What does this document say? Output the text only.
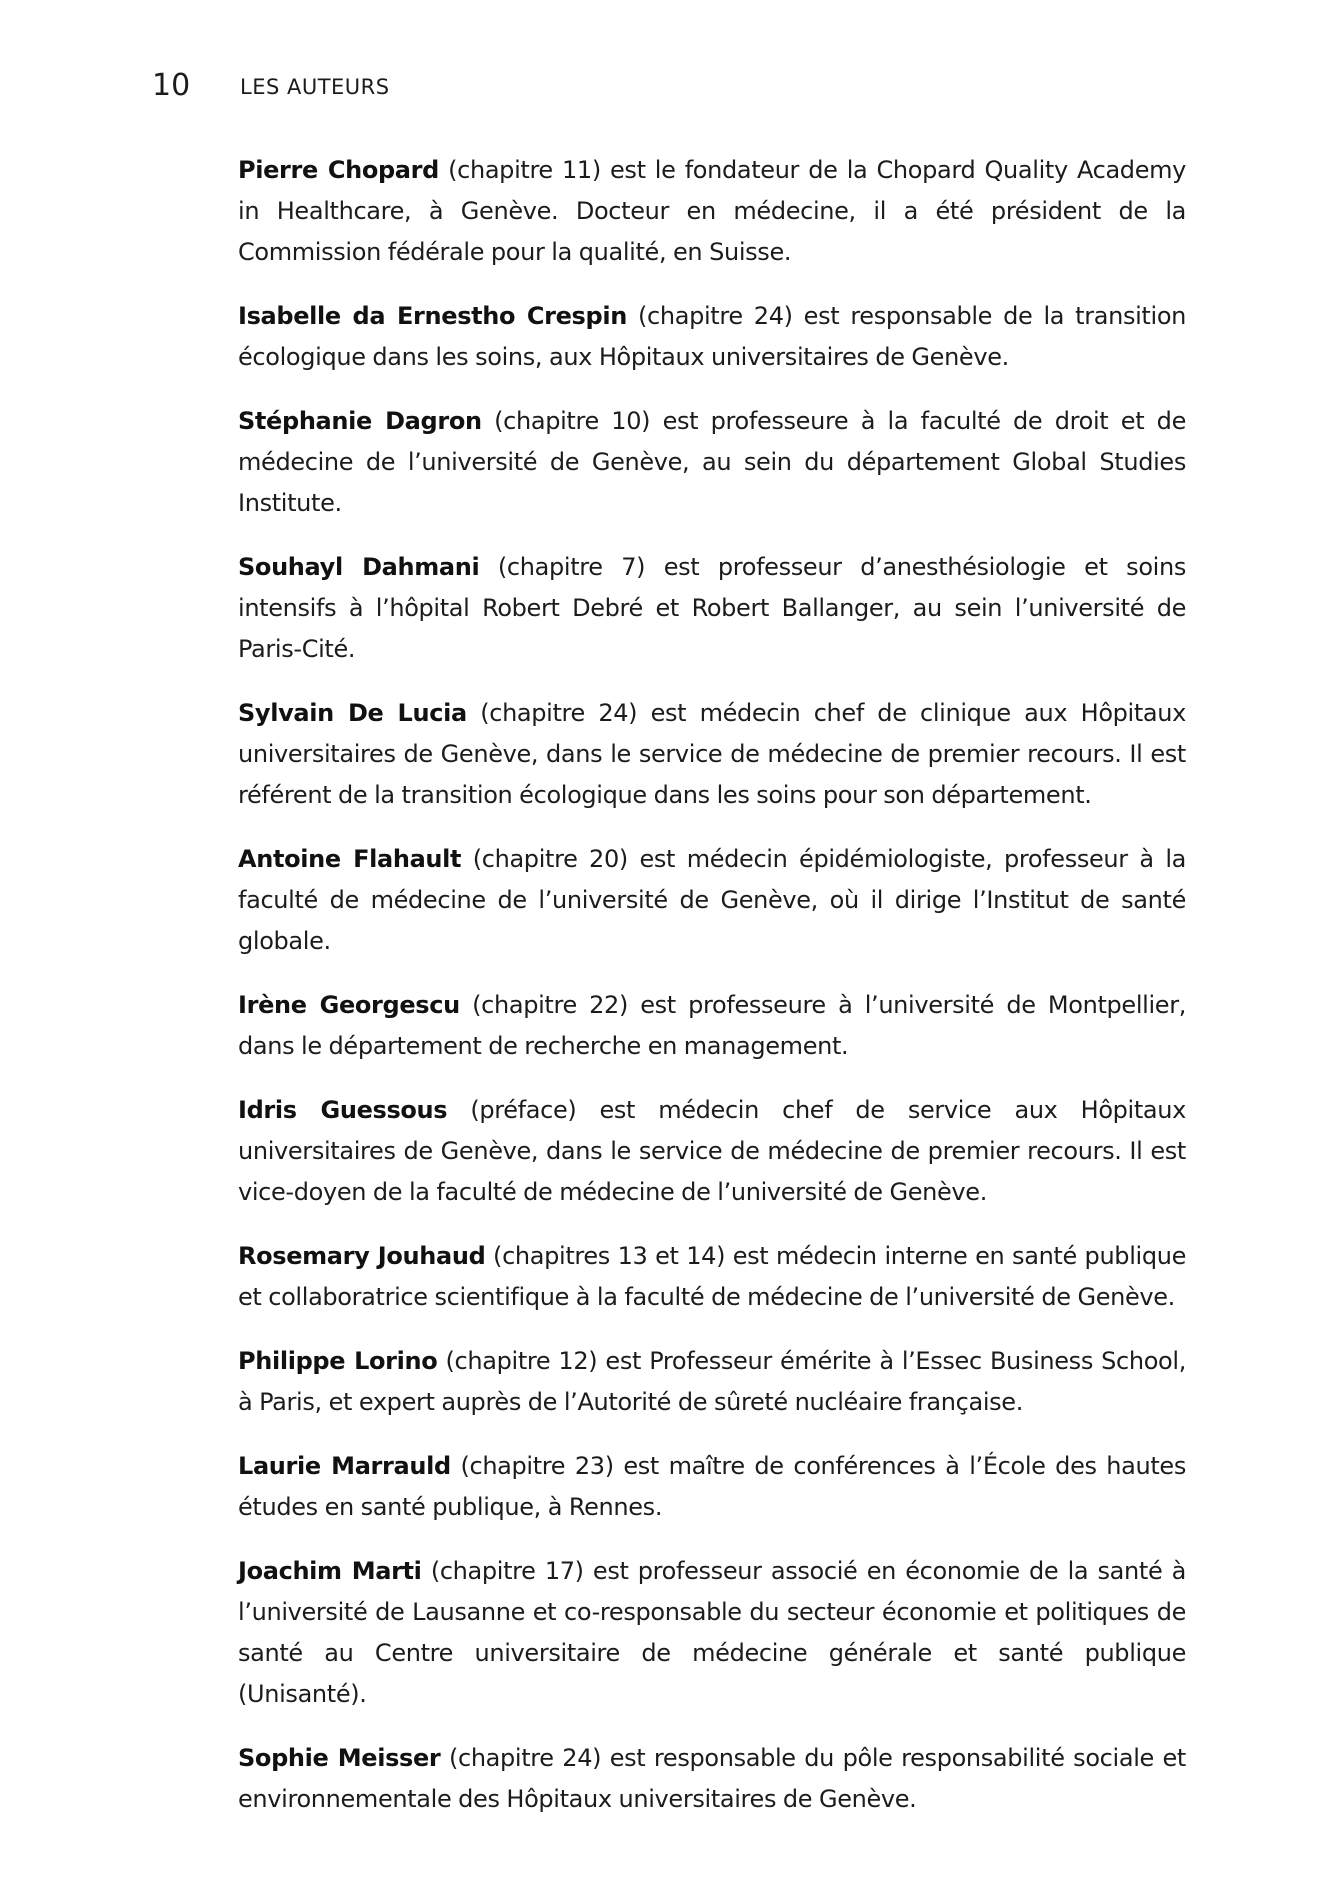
10 LES AUTEURS

Pierre Chopard (chapitre 11) est le fondateur de la Chopard Quality Academy in Healthcare, à Genève. Docteur en médecine, il a été président de la Commission fédérale pour la qualité, en Suisse.

Isabelle da Ernestho Crespin (chapitre 24) est responsable de la transition écologique dans les soins, aux Hôpitaux universitaires de Genève.

Stéphanie Dagron (chapitre 10) est professeure à la faculté de droit et de médecine de l’université de Genève, au sein du département Global Studies Institute.

Souhayl Dahmani (chapitre 7) est professeur d’anesthésiologie et soins intensifs à l’hôpital Robert Debré et Robert Ballanger, au sein l’université de Paris-Cité.

Sylvain De Lucia (chapitre 24) est médecin chef de clinique aux Hôpitaux universitaires de Genève, dans le service de médecine de premier recours. Il est référent de la transition écologique dans les soins pour son département.

Antoine Flahault (chapitre 20) est médecin épidémiologiste, professeur à la faculté de médecine de l’université de Genève, où il dirige l’Institut de santé globale.

Irène Georgescu (chapitre 22) est professeure à l’université de Montpellier, dans le département de recherche en management.

Idris Guessous (préface) est médecin chef de service aux Hôpitaux universitaires de Genève, dans le service de médecine de premier recours. Il est vice-doyen de la faculté de médecine de l’université de Genève.

Rosemary Jouhaud (chapitres 13 et 14) est médecin interne en santé publique et collaboratrice scientifique à la faculté de médecine de l’université de Genève.

Philippe Lorino (chapitre 12) est Professeur émérite à l’Essec Business School, à Paris, et expert auprès de l’Autorité de sûreté nucléaire française.

Laurie Marrauld (chapitre 23) est maître de conférences à l’École des hautes études en santé publique, à Rennes.

Joachim Marti (chapitre 17) est professeur associé en économie de la santé à l’université de Lausanne et co-responsable du secteur économie et politiques de santé au Centre universitaire de médecine générale et santé publique (Unisanté).

Sophie Meisser (chapitre 24) est responsable du pôle responsabilité sociale et environnementale des Hôpitaux universitaires de Genève.
